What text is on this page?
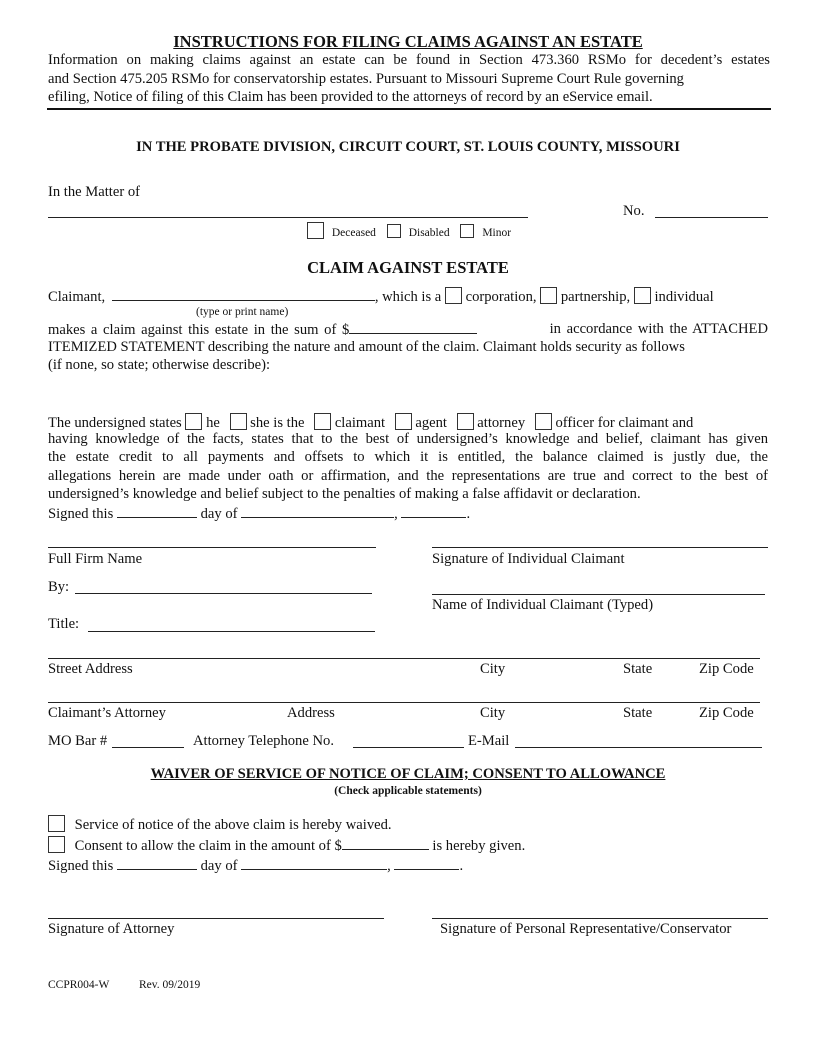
INSTRUCTIONS FOR FILING CLAIMS AGAINST AN ESTATE
Information on making claims against an estate can be found in Section 473.360 RSMo for decedent’s estates
and Section 475.205 RSMo for conservatorship estates. Pursuant to Missouri Supreme Court Rule governing
efiling, Notice of filing of this Claim has been provided to the attorneys of record by an eService email.
IN THE PROBATE DIVISION, CIRCUIT COURT, ST. LOUIS COUNTY, MISSOURI
In the Matter of
No.
Deceased	Disabled	Minor
CLAIM AGAINST ESTATE
Claimant,	, which is a corporation, partnership, individual
(type or print name)
makes a claim against this estate in the sum of $	in accordance with the ATTACHED
ITEMIZED STATEMENT describing the nature and amount of the claim. Claimant holds security as follows
(if none, so state; otherwise describe):
The undersigned states he she is the claimant agent attorney officer for claimant and
having knowledge of the facts, states that to the best of undersigned’s knowledge and belief, claimant has given
the estate credit to all payments and offsets to which it is entitled, the balance claimed is justly due, the
allegations herein are made under oath or affirmation, and the representations are true and correct to the best of
undersigned’s knowledge and belief subject to the penalties of making a false affidavit or declaration.
Signed this	day of	,	.
Full Firm Name	Signature of Individual Claimant
By:
Name of Individual Claimant (Typed)
Title:
Street Address	City	State	Zip Code
Claimant’s Attorney	Address	City	State	Zip Code
MO Bar #	Attorney Telephone No.	E-Mail
WAIVER OF SERVICE OF NOTICE OF CLAIM; CONSENT TO ALLOWANCE
(Check applicable statements)
Service of notice of the above claim is hereby waived.
Consent to allow the claim in the amount of $	is hereby given.
Signed this	day of	,	.
Signature of Attorney	Signature of Personal Representative/Conservator
CCPR004-W	Rev. 09/2019
